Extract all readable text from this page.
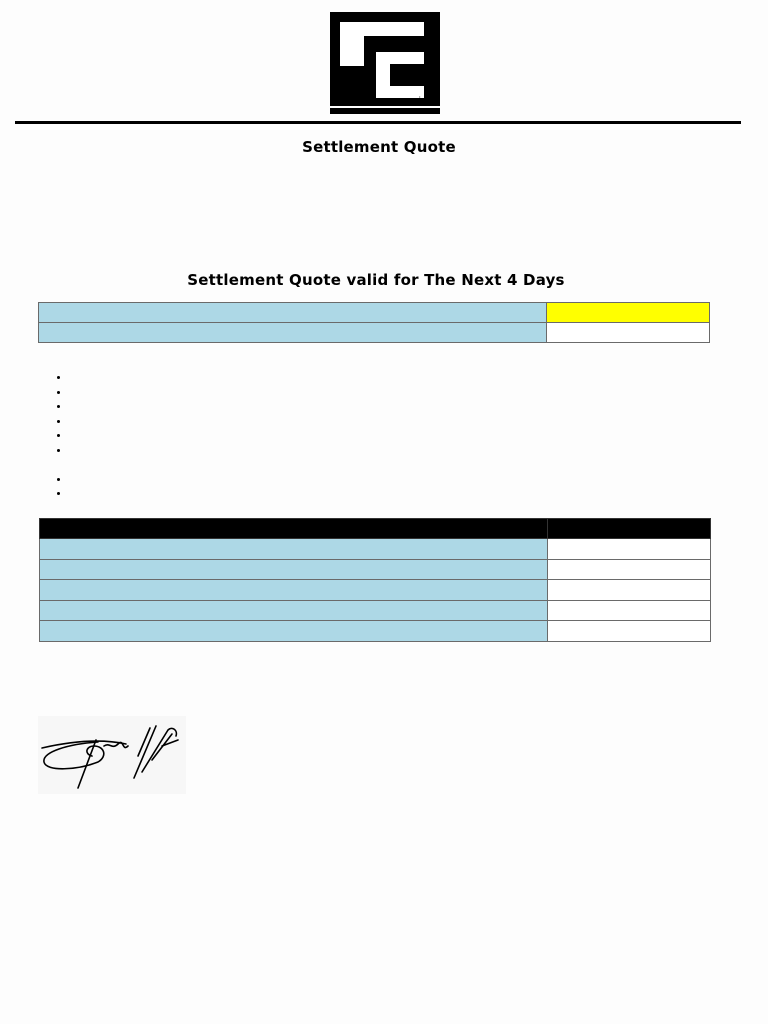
inc.
Settlement Quote
Settlement Quote valid for The Next 4 Days
